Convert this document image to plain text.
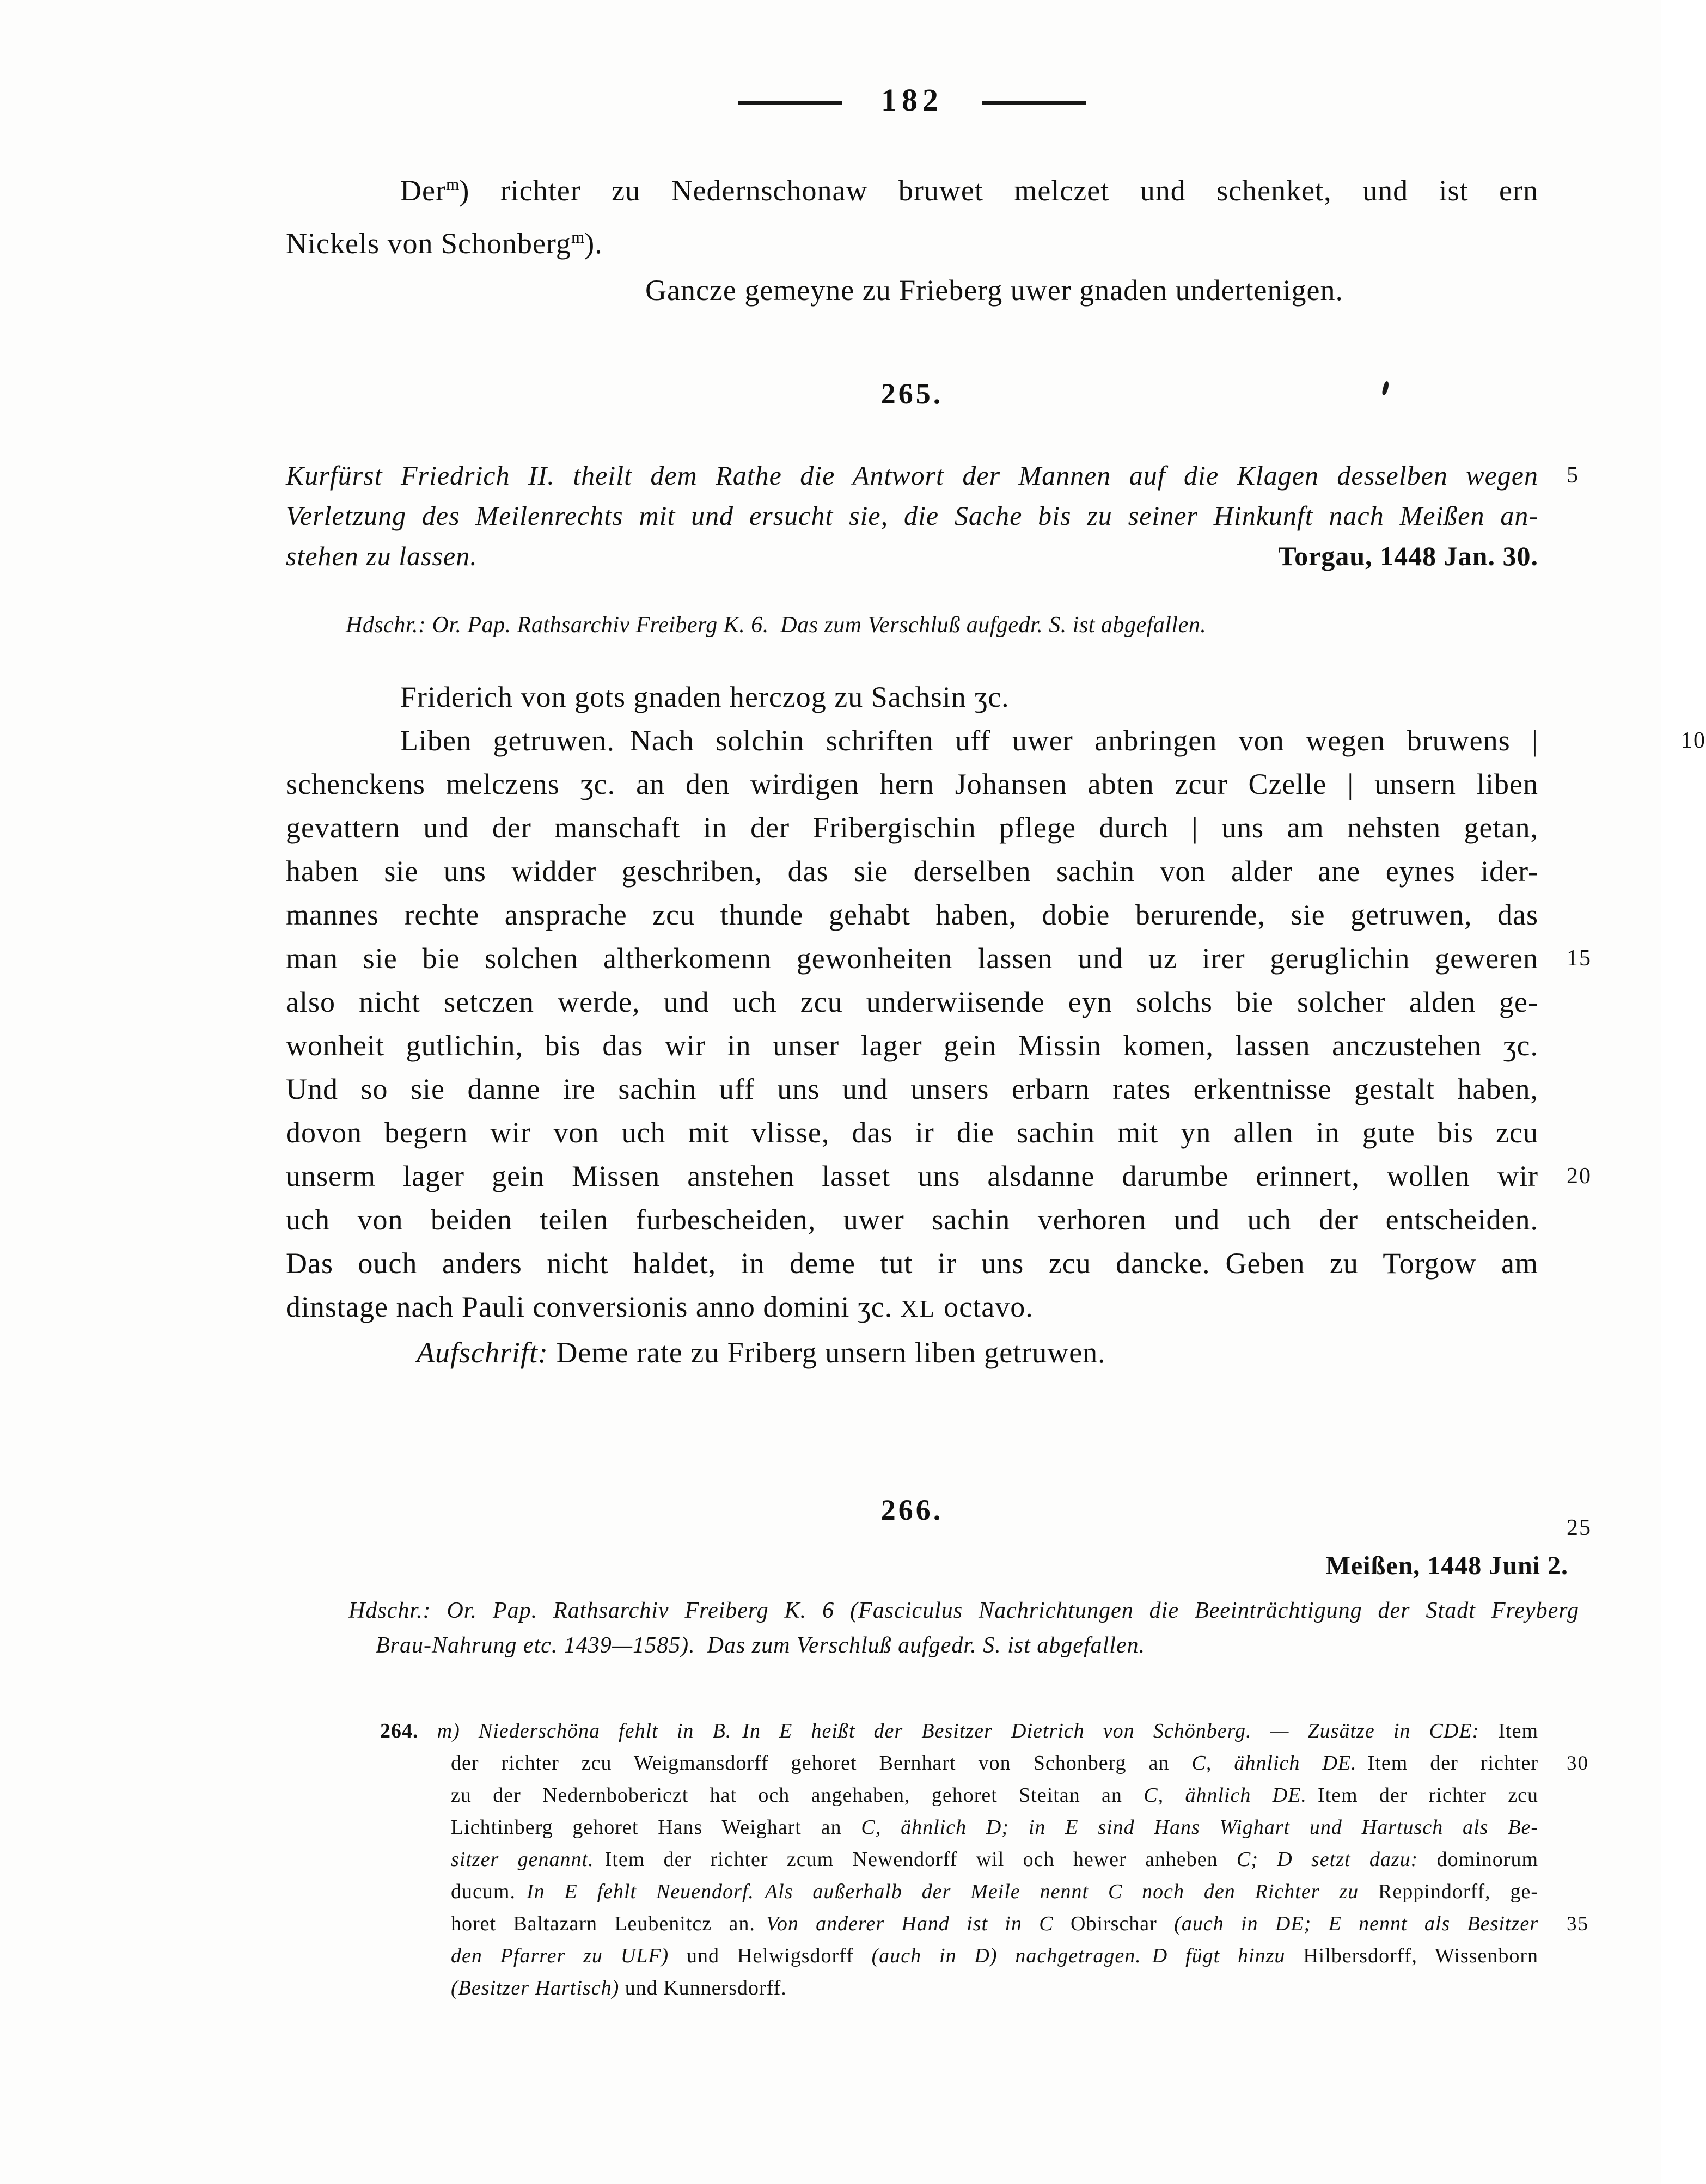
182
Der$^m$) richter zu Nedernschonaw bruwet melczet und schenket, und ist ern
Nickels von Schonberg$^m$).
Gancze gemeyne zu Frieberg uwer gnaden undertenigen.
265.
Kurfürst Friedrich II. theilt dem Rathe die Antwort der Mannen auf die Klagen desselben wegen 5
Verletzung des Meilenrechts mit und ersucht sie, die Sache bis zu seiner Hinkunft nach Meißen an-
stehen zu lassen.	Torgau, 1448 Jan. 30.
Hdschr.: Or. Pap. Rathsarchiv Freiberg K. 6. Das zum Verschluß aufgedr. S. ist abgefallen.
Friderich von gots gnaden herczog zu Sachsin ʒc.
Liben getruwen. Nach solchin schriften uff uwer anbringen von wegen bruwens |	10
schenckens melczens ʒc. an den wirdigen hern Johansen abten zcur Czelle | unsern liben
gevattern und der manschaft in der Fribergischin pflege durch | uns am nehsten getan,
haben sie uns widder geschriben, das sie derselben sachin von alder ane eynes ider-
mannes rechte ansprache zcu thunde gehabt haben, dobie berurende, sie getruwen, das
man sie bie solchen altherkomenn gewonheiten lassen und uz irer geruglichin geweren 15
also nicht setczen werde, und uch zcu underwiisende eyn solchs bie solcher alden ge-
wonheit gutlichin, bis das wir in unser lager gein Missin komen, lassen anczustehen ʒc.
Und so sie danne ire sachin uff uns und unsers erbarn rates erkentnisse gestalt haben,
dovon begern wir von uch mit vlisse, das ir die sachin mit yn allen in gute bis zcu
unserm lager gein Missen anstehen lasset uns alsdanne darumbe erinnert, wollen wir 20
uch von beiden teilen furbescheiden, uwer sachin verhoren und uch der entscheiden.
Das ouch anders nicht haldet, in deme tut ir uns zcu dancke. Geben zu Torgow am
dinstage nach Pauli conversionis anno domini ʒc. XL octavo.
Aufschrift: Deme rate zu Friberg unsern liben getruwen.
266.
25
Meißen, 1448 Juni 2.
Hdschr.: Or. Pap. Rathsarchiv Freiberg K. 6 (Fasciculus Nachrichtungen die Beeinträchtigung der Stadt Freyberg
Brau-Nahrung etc. 1439—1585). Das zum Verschluß aufgedr. S. ist abgefallen.
264. m) Niederschöna fehlt in B. In E heißt der Besitzer Dietrich von Schönberg. — Zusätze in CDE: Item
der richter zcu Weigmansdorff gehoret Bernhart von Schonberg an C, ähnlich DE. Item der richter 30
zu der Nedernbobericzt hat och angehaben, gehoret Steitan an C, ähnlich DE. Item der richter zcu
Lichtinberg gehoret Hans Weighart an C, ähnlich D; in E sind Hans Wighart und Hartusch als Be-
sitzer genannt. Item der richter zcum Newendorff wil och hewer anheben C; D setzt dazu: dominorum
ducum. In E fehlt Neuendorf. Als außerhalb der Meile nennt C noch den Richter zu Reppindorff, ge-
horet Baltazarn Leubenitcz an. Von anderer Hand ist in C Obirschar (auch in DE; E nennt als Besitzer 35
den Pfarrer zu ULF) und Helwigsdorff (auch in D) nachgetragen. D fügt hinzu Hilbersdorff, Wissenborn
(Besitzer Hartisch) und Kunnersdorff.
